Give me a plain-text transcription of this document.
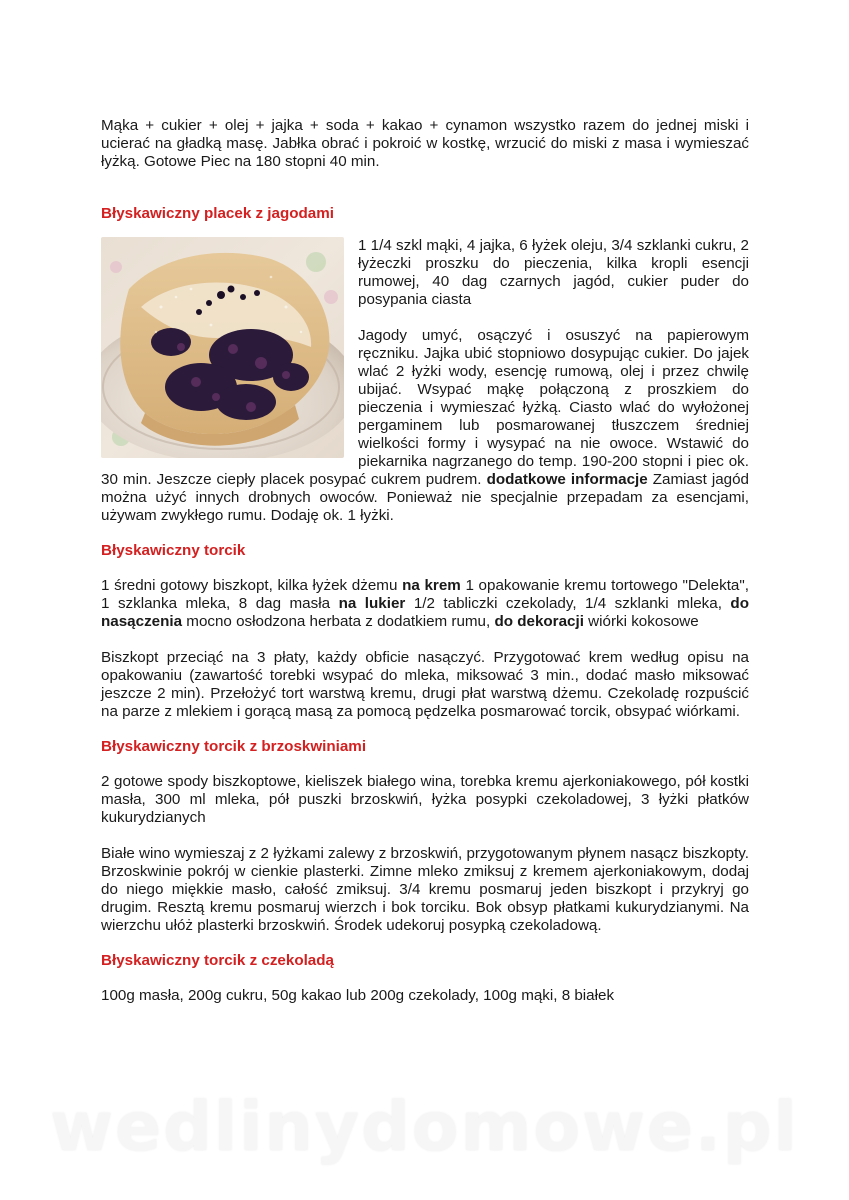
Mąka + cukier + olej + jajka + soda + kakao + cynamon wszystko razem do jednej miski i ucierać na gładką masę. Jabłka obrać i pokroić w kostkę, wrzucić do miski z masa i wymieszać łyżką. Gotowe Piec na 180 stopni 40 min.

Błyskawiczny placek z jagodami

1 1/4 szkl mąki, 4 jajka, 6 łyżek oleju, 3/4 szklanki cukru, 2 łyżeczki proszku do pieczenia, kilka kropli esencji rumowej, 40 dag czarnych jagód, cukier puder do posypania ciasta

Jagody umyć, osączyć i osuszyć na papierowym ręczniku. Jajka ubić stopniowo dosypując cukier. Do jajek wlać 2 łyżki wody, esencję rumową, olej i przez chwilę ubijać. Wsypać mąkę połączoną z proszkiem do pieczenia i wymieszać łyżką. Ciasto wlać do wyłożonej pergaminem lub posmarowanej tłuszczem średniej wielkości formy i wysypać na nie owoce. Wstawić do piekarnika nagrzanego do temp. 190-200 stopni i piec ok. 30 min. Jeszcze ciepły placek posypać cukrem pudrem. dodatkowe informacje Zamiast jagód można użyć innych drobnych owoców. Ponieważ nie specjalnie przepadam za esencjami, używam zwykłego rumu. Dodaję ok. 1 łyżki.

Błyskawiczny torcik

1 średni gotowy biszkopt, kilka łyżek dżemu na krem 1 opakowanie kremu tortowego "Delekta", 1 szklanka mleka, 8 dag masła na lukier 1/2 tabliczki czekolady, 1/4 szklanki mleka, do nasączenia mocno osłodzona herbata z dodatkiem rumu, do dekoracji wiórki kokosowe

Biszkopt przeciąć na 3 płaty, każdy obficie nasączyć. Przygotować krem według opisu na opakowaniu (zawartość torebki wsypać do mleka, miksować 3 min., dodać masło miksować jeszcze 2 min). Przełożyć tort warstwą kremu, drugi płat warstwą dżemu. Czekoladę rozpuścić na parze z mlekiem i gorącą masą za pomocą pędzelka posmarować torcik, obsypać wiórkami.

Błyskawiczny torcik z brzoskwiniami

2 gotowe spody biszkoptowe, kieliszek białego wina, torebka kremu ajerkoniakowego, pół kostki masła, 300 ml mleka, pół puszki brzoskwiń, łyżka posypki czekoladowej, 3 łyżki płatków kukurydzianych

Białe wino wymieszaj z 2 łyżkami zalewy z brzoskwiń, przygotowanym płynem nasącz biszkopty. Brzoskwinie pokrój w cienkie plasterki. Zimne mleko zmiksuj z kremem ajerkoniakowym, dodaj do niego miękkie masło, całość zmiksuj. 3/4 kremu posmaruj jeden biszkopt i przykryj go drugim. Resztą kremu posmaruj wierzch i bok torciku. Bok obsyp płatkami kukurydzianymi. Na wierzchu ułóż plasterki brzoskwiń. Środek udekoruj posypką czekoladową.

Błyskawiczny torcik z czekoladą

100g masła, 200g cukru, 50g kakao lub 200g czekolady, 100g mąki, 8 białek

wedlinydomowe.pl
